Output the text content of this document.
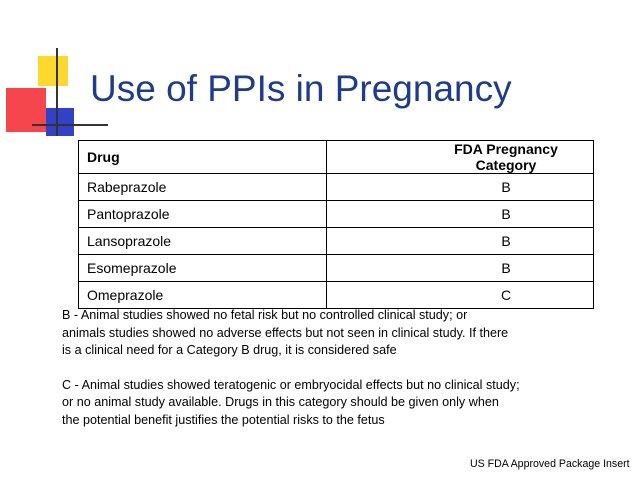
Use of PPIs in Pregnancy
Drug	FDA Pregnancy Category
Rabeprazole	B
Pantoprazole	B
Lansoprazole	B
Esomeprazole	B
Omeprazole	C
B - Animal studies showed no fetal risk but no controlled clinical study; or
animals studies showed no adverse effects but not seen in clinical study. If there
is a clinical need for a Category B drug, it is considered safe
C - Animal studies showed teratogenic or embryocidal effects but no clinical study;
or no animal study available. Drugs in this category should be given only when
the potential benefit justifies the potential risks to the fetus
US FDA Approved Package Insert
